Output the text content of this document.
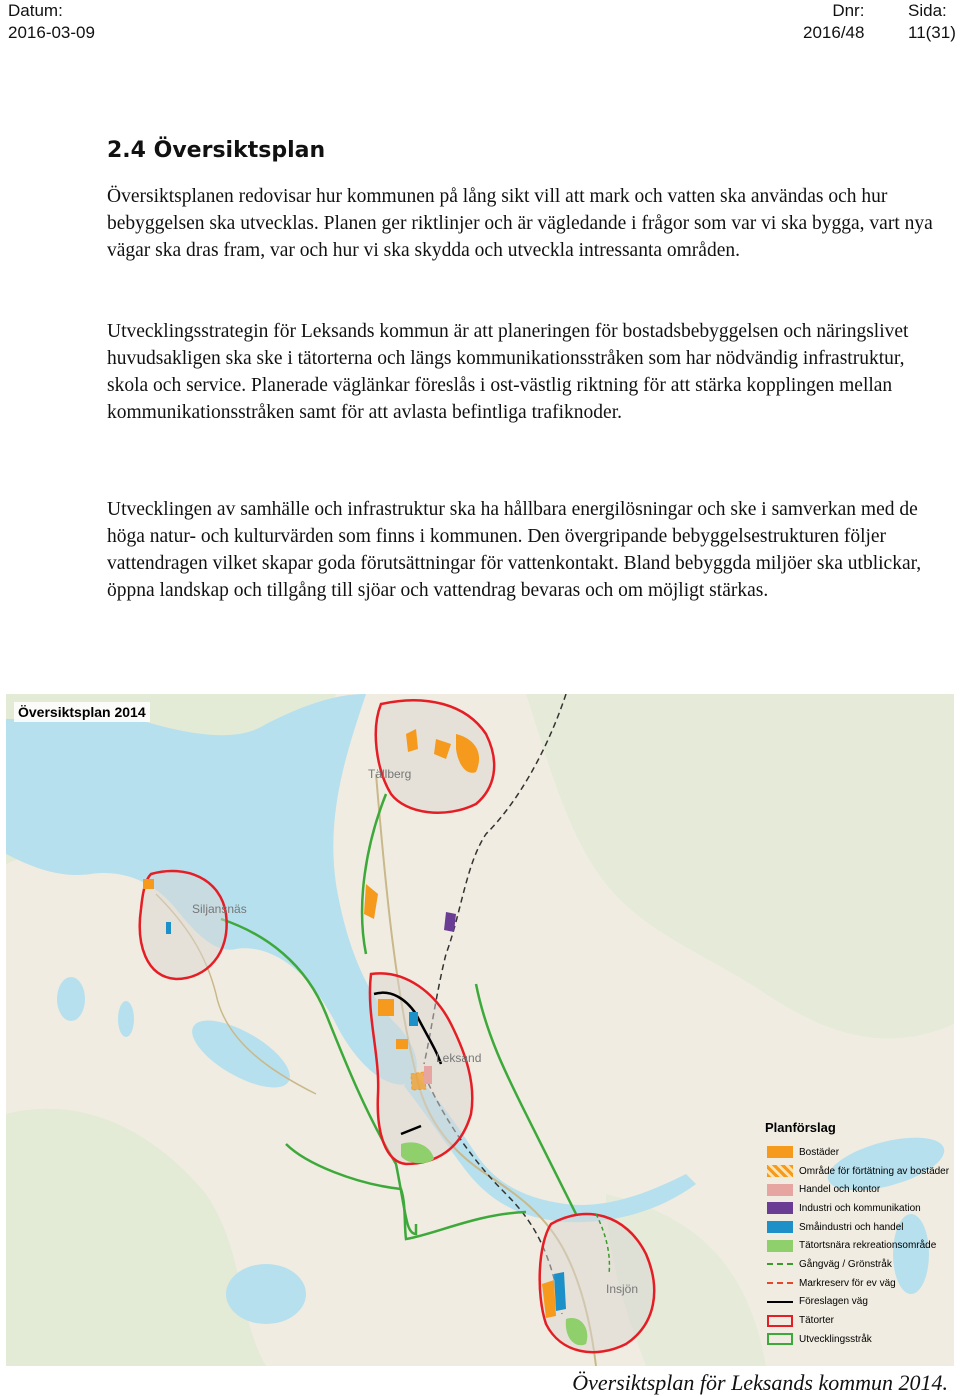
Datum:
2016-03-09
Dnr:
2016/48
Sida:
11(31)
2.4 Översiktsplan

Översiktsplanen redovisar hur kommunen på lång sikt vill att mark och vatten ska användas och hur bebyggelsen ska utvecklas. Planen ger riktlinjer och är vägledande i frågor som var vi ska bygga, vart nya vägar ska dras fram, var och hur vi ska skydda och utveckla intressanta områden.

Utvecklingsstrategin för Leksands kommun är att planeringen för bostadsbebyggelsen och näringslivet huvudsakligen ska ske i tätorterna och längs kommunikationsstråken som har nödvändig infrastruktur, skola och service. Planerade väglänkar föreslås i ost-västlig riktning för att stärka kopplingen mellan kommunikationsstråken samt för att avlasta befintliga trafiknoder.

Utvecklingen av samhälle och infrastruktur ska ha hållbara energilösningar och ske i samverkan med de höga natur- och kulturvärden som finns i kommunen. Den övergripande bebyggelsestrukturen följer vattendragen vilket skapar goda förutsättningar för vattenkontakt. Bland bebyggda miljöer ska utblickar, öppna landskap och tillgång till sjöar och vattendrag bevaras och om möjligt stärkas.

Översiktsplan 2014
Tällberg
Siljansnäs
Leksand
Insjön
Planförslag
Bostäder
Område för förtätning av bostäder
Handel och kontor
Industri och kommunikation
Småindustri och handel
Tätortsnära rekreationsområde
Gångväg / Grönstråk
Markreserv för ev väg
Föreslagen väg
Tätorter
Utvecklingsstråk
Översiktsplan för Leksands kommun 2014.
